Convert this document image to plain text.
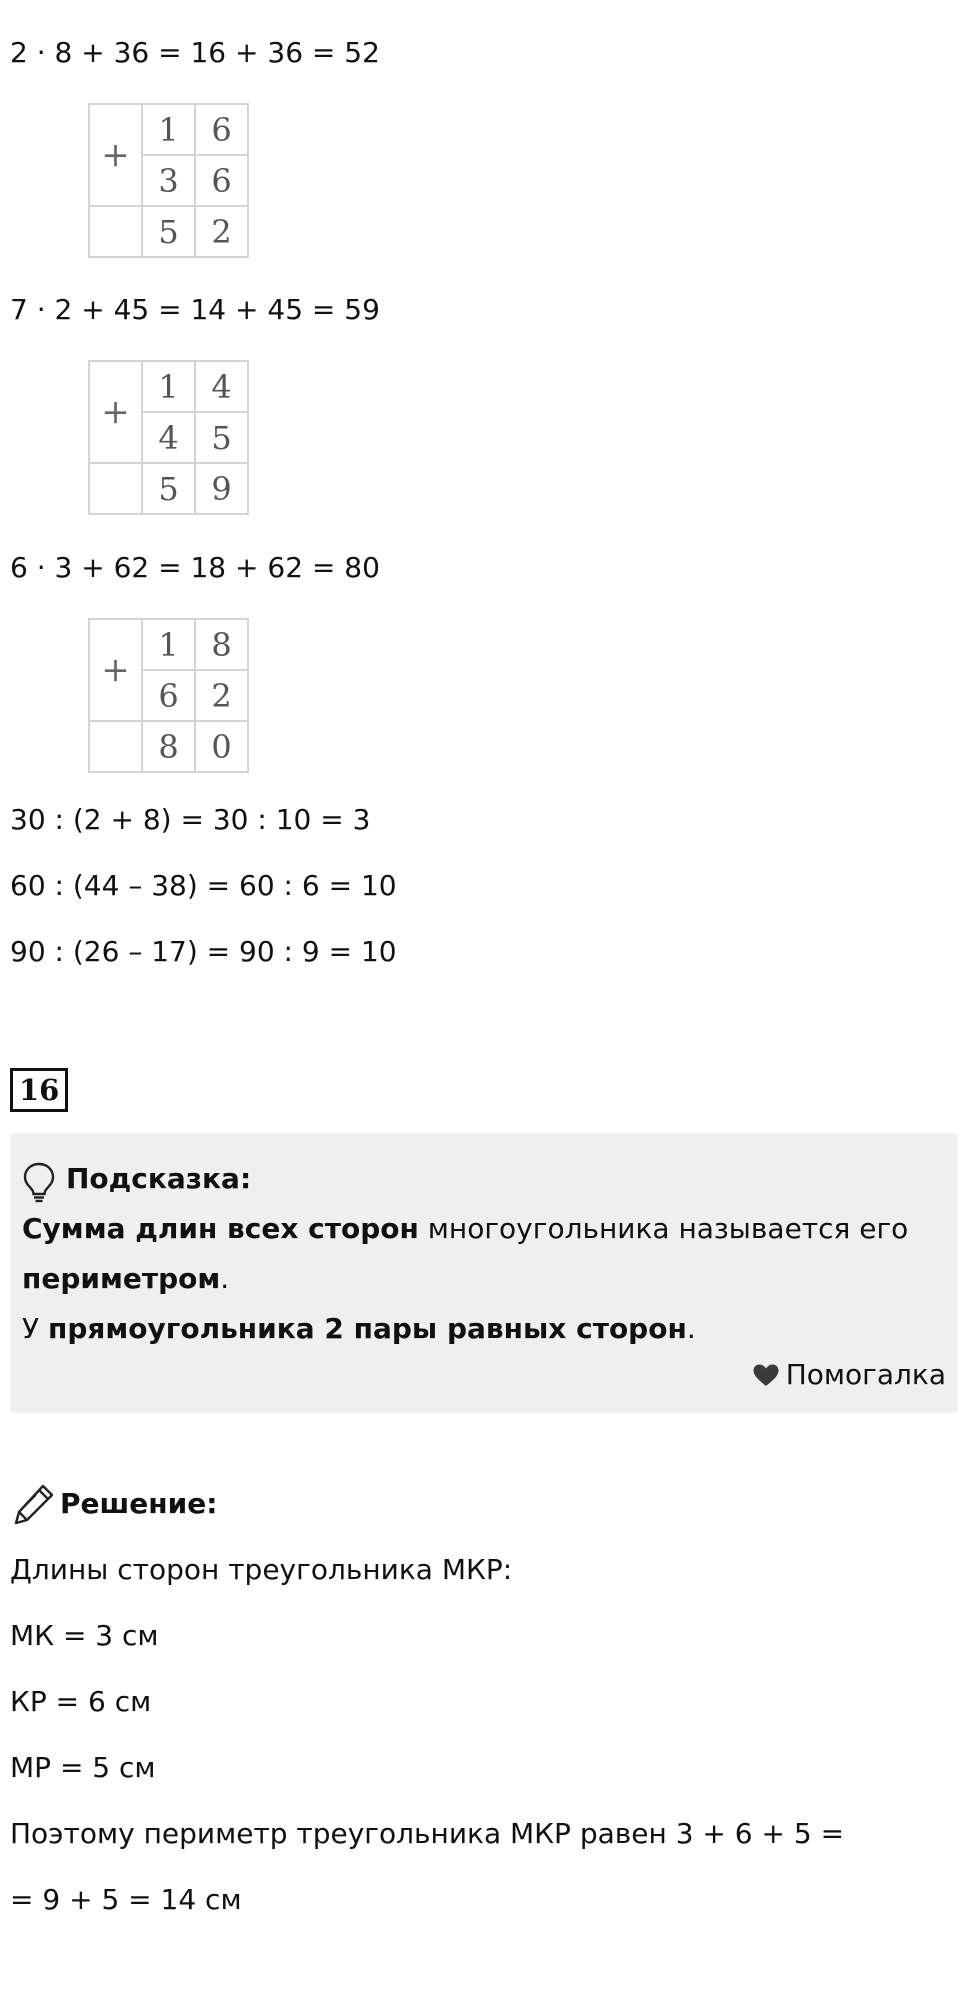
2 · 8 + 36 = 16 + 36 = 52
+	1	6
	3	6
	5	2
7 · 2 + 45 = 14 + 45 = 59
+	1	4
	4	5
	5	9
6 · 3 + 62 = 18 + 62 = 80
+	1	8
	6	2
	8	0
30 : (2 + 8) = 30 : 10 = 3
60 : (44 – 38) = 60 : 6 = 10
90 : (26 – 17) = 90 : 9 = 10
16
Подсказка:
Сумма длин всех сторон многоугольника называется его
периметром.
У прямоугольника 2 пары равных сторон.
Помогалка
Решение:
Длины сторон треугольника МКР:
МК = 3 см
КР = 6 см
МР = 5 см
Поэтому периметр треугольника МКР равен 3 + 6 + 5 =
= 9 + 5 = 14 см
